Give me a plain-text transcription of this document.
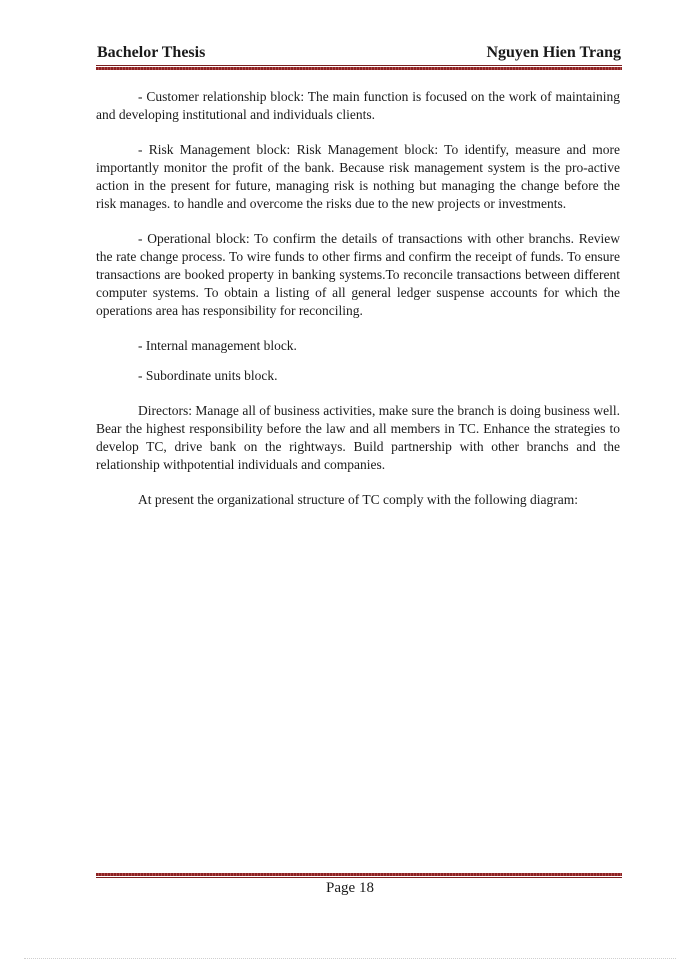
Bachelor Thesis	Nguyen Hien Trang

- Customer relationship block: The main function is focused on the work of maintaining and developing institutional and individuals clients.

- Risk Management block: Risk Management block: To identify, measure and more importantly monitor the profit of the bank. Because risk management system is the pro-active action in the present for future, managing risk is nothing but managing the change before the risk manages. to handle and overcome the risks due to the new projects or investments.

- Operational block: To confirm the details of transactions with other branchs. Review the rate change process. To wire funds to other firms and confirm the receipt of funds. To ensure transactions are booked property in banking systems.To reconcile transactions between different computer systems. To obtain a listing of all general ledger suspense accounts for which the operations area has responsibility for reconciling.

- Internal management block.

- Subordinate units block.

Directors: Manage all of business activities, make sure the branch is doing business well. Bear the highest responsibility before the law and all members in TC. Enhance the strategies to develop TC, drive bank on the rightways. Build partnership with other branchs and the relationship withpotential individuals and companies.

At present the organizational structure of TC comply with the following diagram:

Page 18
